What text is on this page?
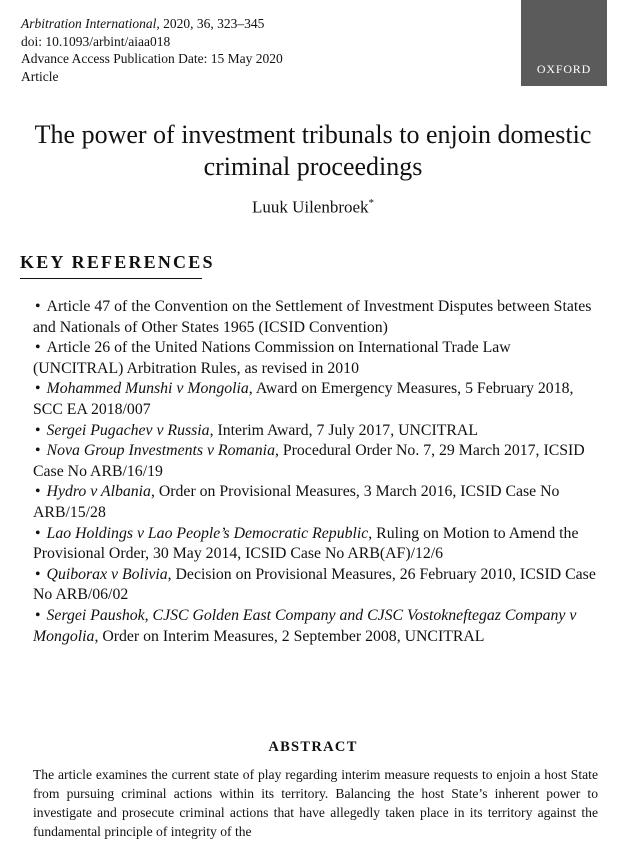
Arbitration International, 2020, 36, 323–345
doi: 10.1093/arbint/aiaa018
Advance Access Publication Date: 15 May 2020
Article	OXFORD
The power of investment tribunals to enjoin domestic criminal proceedings
Luuk Uilenbroek*
KEY REFERENCES

• Article 47 of the Convention on the Settlement of Investment Disputes between States and Nationals of Other States 1965 (ICSID Convention)

• Article 26 of the United Nations Commission on International Trade Law (UNCITRAL) Arbitration Rules, as revised in 2010

• Mohammed Munshi v Mongolia, Award on Emergency Measures, 5 February 2018, SCC EA 2018/007

• Sergei Pugachev v Russia, Interim Award, 7 July 2017, UNCITRAL

• Nova Group Investments v Romania, Procedural Order No. 7, 29 March 2017, ICSID Case No ARB/16/19

• Hydro v Albania, Order on Provisional Measures, 3 March 2016, ICSID Case No ARB/15/28

• Lao Holdings v Lao People’s Democratic Republic, Ruling on Motion to Amend the Provisional Order, 30 May 2014, ICSID Case No ARB(AF)/12/6

• Quiborax v Bolivia, Decision on Provisional Measures, 26 February 2010, ICSID Case No ARB/06/02

• Sergei Paushok, CJSC Golden East Company and CJSC Vostokneftegaz Company v Mongolia, Order on Interim Measures, 2 September 2008, UNCITRAL

ABSTRACT
The article examines the current state of play regarding interim measure requests to enjoin a host State from pursuing criminal actions within its territory. Balancing the host State’s inherent power to investigate and prosecute criminal actions that have allegedly taken place in its territory against the fundamental principle of integrity of the
